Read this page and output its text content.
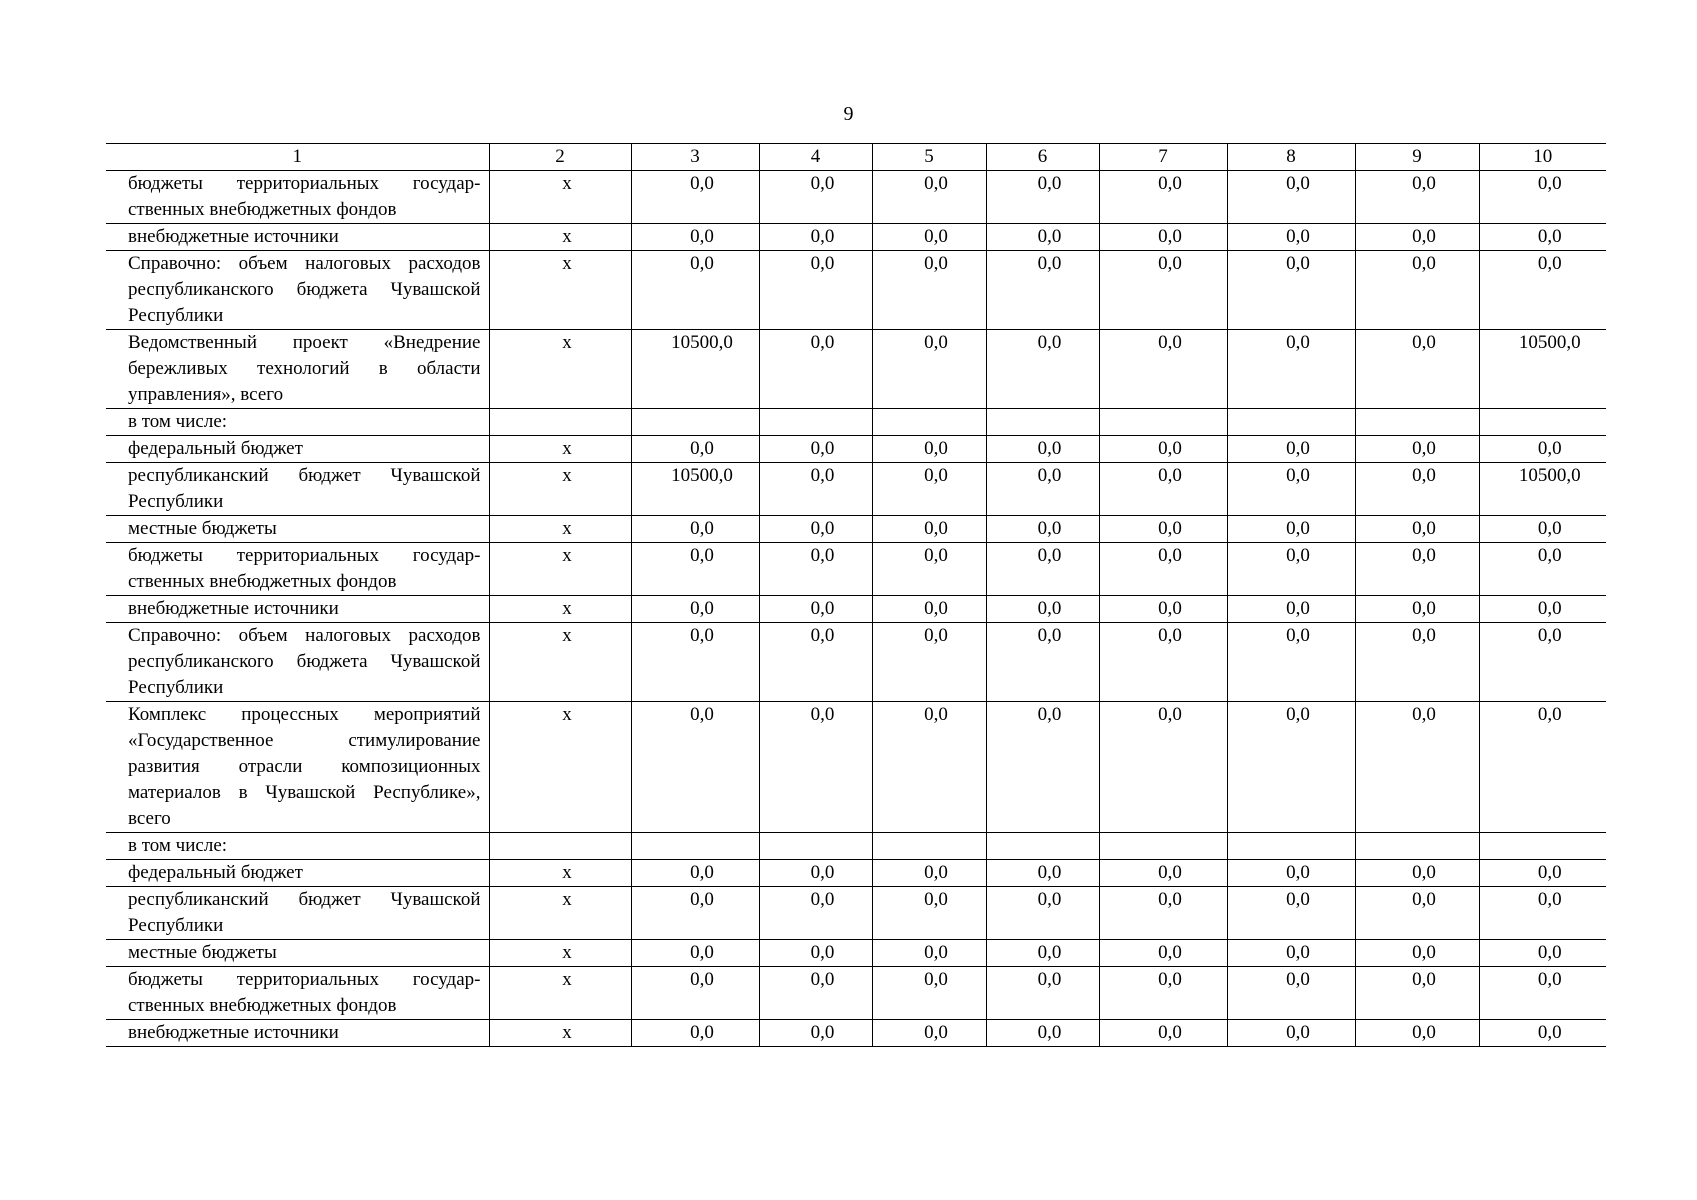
9
1	2	3	4	5	6	7	8	9	10
бюджеты территориальных государственных внебюджетных фондов	х	0,0	0,0	0,0	0,0	0,0	0,0	0,0	0,0
внебюджетные источники	х	0,0	0,0	0,0	0,0	0,0	0,0	0,0	0,0
Справочно: объем налоговых расходов республиканского бюджета Чувашской Республики	х	0,0	0,0	0,0	0,0	0,0	0,0	0,0	0,0
Ведомственный проект «Внедрение бережливых технологий в области управления», всего	х	10500,0	0,0	0,0	0,0	0,0	0,0	0,0	10500,0
в том числе:									
федеральный бюджет	х	0,0	0,0	0,0	0,0	0,0	0,0	0,0	0,0
республиканский бюджет Чувашской Республики	х	10500,0	0,0	0,0	0,0	0,0	0,0	0,0	10500,0
местные бюджеты	х	0,0	0,0	0,0	0,0	0,0	0,0	0,0	0,0
бюджеты территориальных государственных внебюджетных фондов	х	0,0	0,0	0,0	0,0	0,0	0,0	0,0	0,0
внебюджетные источники	х	0,0	0,0	0,0	0,0	0,0	0,0	0,0	0,0
Справочно: объем налоговых расходов республиканского бюджета Чувашской Республики	х	0,0	0,0	0,0	0,0	0,0	0,0	0,0	0,0
Комплекс процессных мероприятий «Государственное стимулирование развития отрасли композиционных материалов в Чувашской Республике», всего	х	0,0	0,0	0,0	0,0	0,0	0,0	0,0	0,0
в том числе:									
федеральный бюджет	х	0,0	0,0	0,0	0,0	0,0	0,0	0,0	0,0
республиканский бюджет Чувашской Республики	х	0,0	0,0	0,0	0,0	0,0	0,0	0,0	0,0
местные бюджеты	х	0,0	0,0	0,0	0,0	0,0	0,0	0,0	0,0
бюджеты территориальных государственных внебюджетных фондов	х	0,0	0,0	0,0	0,0	0,0	0,0	0,0	0,0
внебюджетные источники	х	0,0	0,0	0,0	0,0	0,0	0,0	0,0	0,0
